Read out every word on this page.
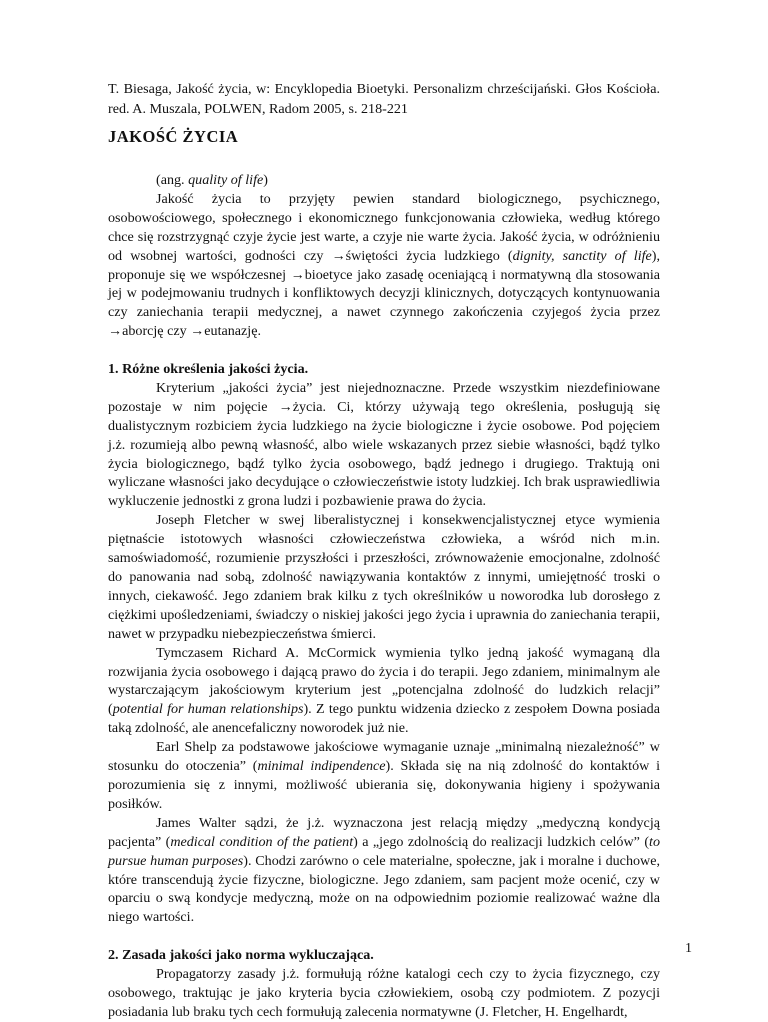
T. Biesaga, Jakość życia, w: Encyklopedia Bioetyki. Personalizm chrześcijański. Głos Kościoła. red. A. Muszala, POLWEN, Radom 2005, s. 218-221

JAKOŚĆ ŻYCIA

(ang. quality of life)

Jakość życia to przyjęty pewien standard biologicznego, psychicznego, osobowościowego, społecznego i ekonomicznego funkcjonowania człowieka, według którego chce się rozstrzygnąć czyje życie jest warte, a czyje nie warte życia. Jakość życia, w odróżnieniu od wsobnej wartości, godności czy →świętości życia ludzkiego (dignity, sanctity of life), proponuje się we współczesnej →bioetyce jako zasadę oceniającą i normatywną dla stosowania jej w podejmowaniu trudnych i konfliktowych decyzji klinicznych, dotyczących kontynuowania czy zaniechania terapii medycznej, a nawet czynnego zakończenia czyjegoś życia przez →aborcję czy →eutanazję.

1. Różne określenia jakości życia.

Kryterium „jakości życia” jest niejednoznaczne. Przede wszystkim niezdefiniowane pozostaje w nim pojęcie →życia. Ci, którzy używają tego określenia, posługują się dualistycznym rozbiciem życia ludzkiego na życie biologiczne i życie osobowe. Pod pojęciem j.ż. rozumieją albo pewną własność, albo wiele wskazanych przez siebie własności, bądź tylko życia biologicznego, bądź tylko życia osobowego, bądź jednego i drugiego. Traktują oni wyliczane własności jako decydujące o człowieczeństwie istoty ludzkiej. Ich brak usprawiedliwia wykluczenie jednostki z grona ludzi i pozbawienie prawa do życia.

Joseph Fletcher w swej liberalistycznej i konsekwencjalistycznej etyce wymienia piętnaście istotowych własności człowieczeństwa człowieka, a wśród nich m.in. samoświadomość, rozumienie przyszłości i przeszłości, zrównoważenie emocjonalne, zdolność do panowania nad sobą, zdolność nawiązywania kontaktów z innymi, umiejętność troski o innych, ciekawość. Jego zdaniem brak kilku z tych określników u noworodka lub dorosłego z ciężkimi upośledzeniami, świadczy o niskiej jakości jego życia i uprawnia do zaniechania terapii, nawet w przypadku niebezpieczeństwa śmierci.

Tymczasem Richard A. McCormick wymienia tylko jedną jakość wymaganą dla rozwijania życia osobowego i dającą prawo do życia i do terapii. Jego zdaniem, minimalnym ale wystarczającym jakościowym kryterium jest „potencjalna zdolność do ludzkich relacji” (potential for human relationships). Z tego punktu widzenia dziecko z zespołem Downa posiada taką zdolność, ale anencefaliczny noworodek już nie.

Earl Shelp za podstawowe jakościowe wymaganie uznaje „minimalną niezależność” w stosunku do otoczenia” (minimal indipendence). Składa się na nią zdolność do kontaktów i porozumienia się z innymi, możliwość ubierania się, dokonywania higieny i spożywania posiłków.

James Walter sądzi, że j.ż. wyznaczona jest relacją między „medyczną kondycją pacjenta” (medical condition of the patient) a „jego zdolnością do realizacji ludzkich celów” (to pursue human purposes). Chodzi zarówno o cele materialne, społeczne, jak i moralne i duchowe, które transcendują życie fizyczne, biologiczne. Jego zdaniem, sam pacjent może ocenić, czy w oparciu o swą kondycje medyczną, może on na odpowiednim poziomie realizować ważne dla niego wartości.

2. Zasada jakości jako norma wykluczająca.

Propagatorzy zasady j.ż. formułują różne katalogi cech czy to życia fizycznego, czy osobowego, traktując je jako kryteria bycia człowiekiem, osobą czy podmiotem. Z pozycji posiadania lub braku tych cech formułują zalecenia normatywne (J. Fletcher, H. Engelhardt,

1
